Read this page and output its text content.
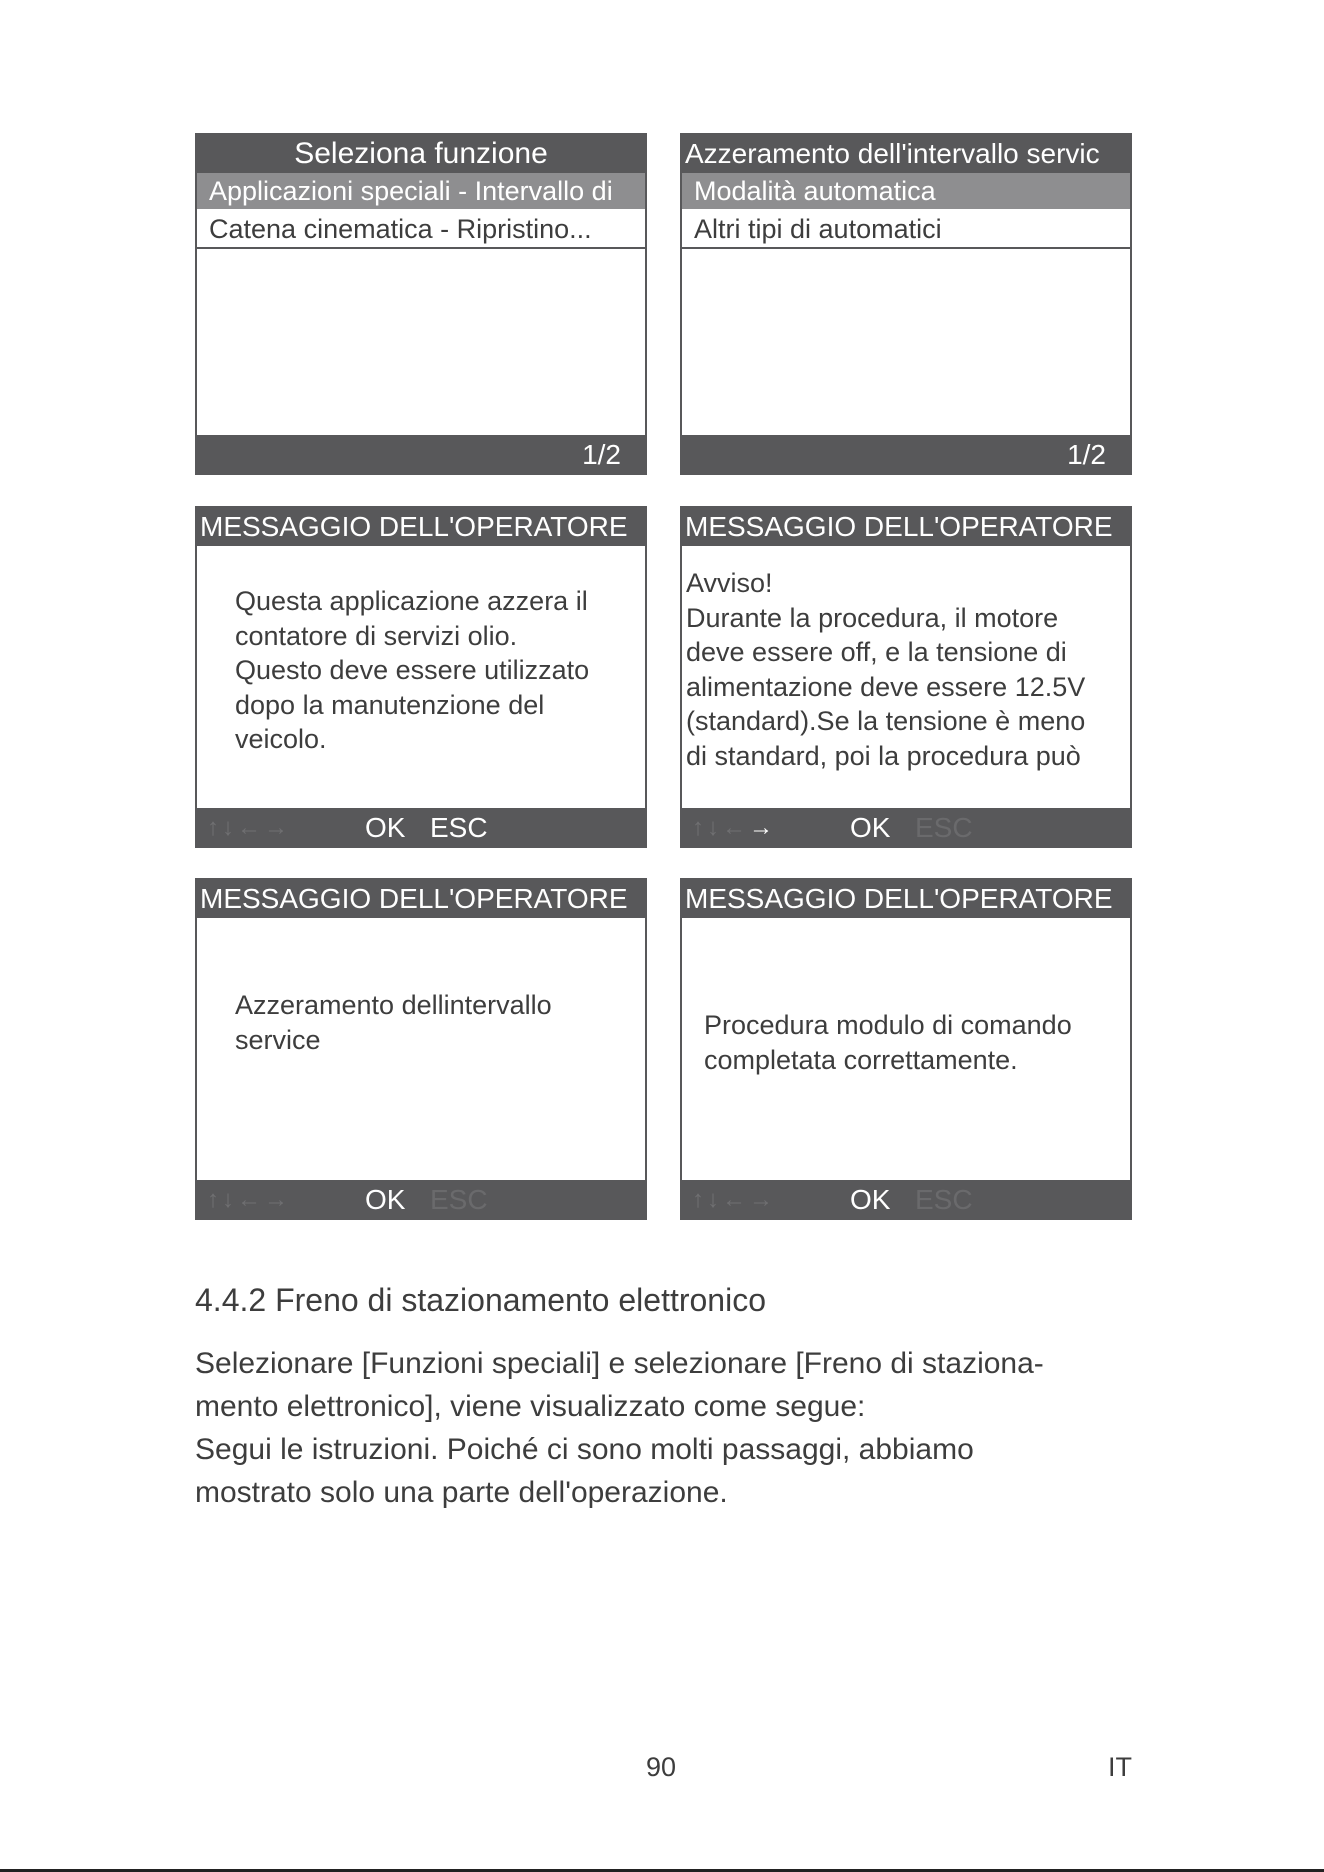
Seleziona funzione
Applicazioni speciali - Intervallo di
Catena cinematica - Ripristino...
1/2
Azzeramento dell'intervallo servic
Modalità automatica
Altri tipi di automatici
1/2
MESSAGGIO DELL'OPERATORE
Questa applicazione azzera il
contatore di servizi olio.
Questo deve essere utilizzato
dopo la manutenzione del
veicolo.
↑↓←→	OK ESC
MESSAGGIO DELL'OPERATORE
Avviso!
Durante la procedura, il motore
deve essere off, e la tensione di
alimentazione deve essere 12.5V
(standard).Se la tensione è meno
di standard, poi la procedura può
↑↓←→	OK ESC
MESSAGGIO DELL'OPERATORE
Azzeramento dellintervallo
service
↑↓←→	OK ESC
MESSAGGIO DELL'OPERATORE
Procedura modulo di comando
completata correttamente.
↑↓←→	OK ESC
4.4.2 Freno di stazionamento elettronico
Selezionare [Funzioni speciali] e selezionare [Freno di staziona-
mento elettronico], viene visualizzato come segue:
Segui le istruzioni. Poiché ci sono molti passaggi, abbiamo
mostrato solo una parte dell'operazione.
90	IT
